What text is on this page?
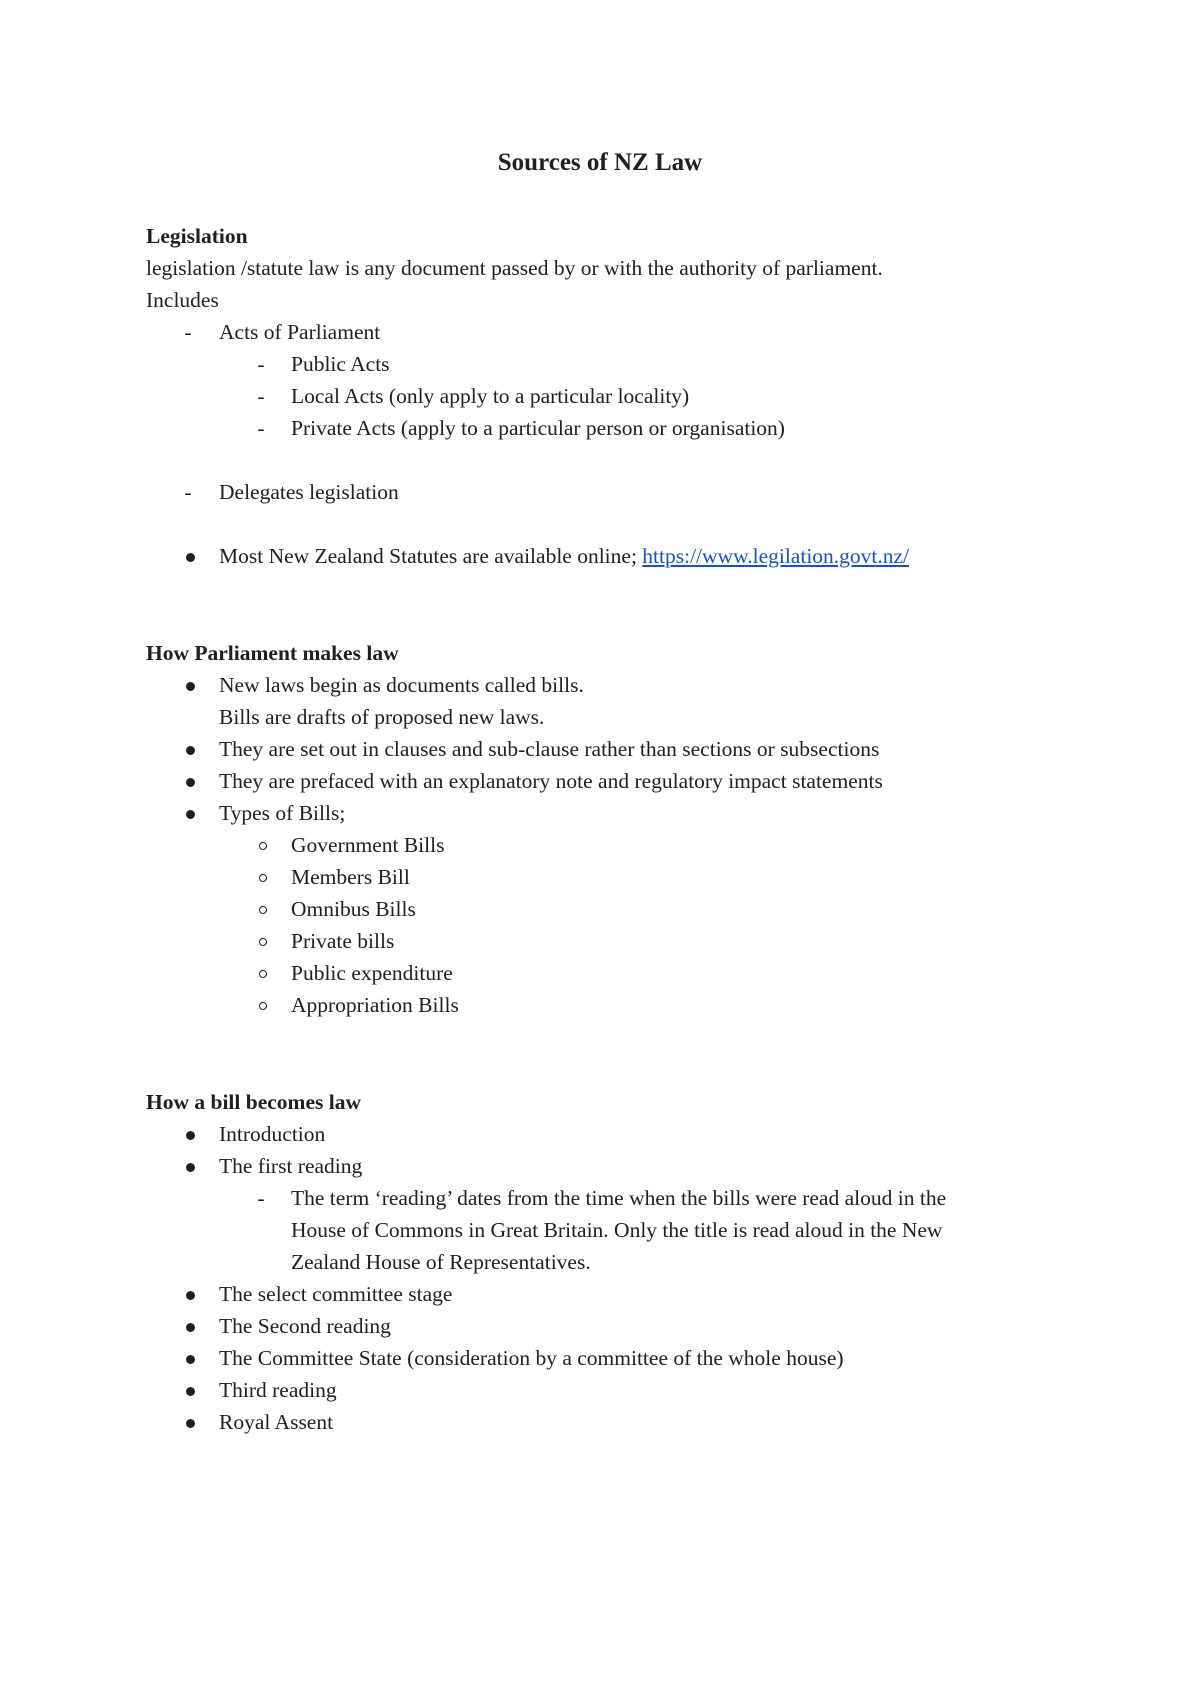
Sources of NZ Law
Legislation
legislation /statute law is any document passed by or with the authority of parliament.
Includes
-	Acts of Parliament
-	Public Acts
-	Local Acts (only apply to a particular locality)
-	Private Acts (apply to a particular person or organisation)
-	Delegates legislation
Most New Zealand Statutes are available online; https://www.legilation.govt.nz/
How Parliament makes law
New laws begin as documents called bills.
Bills are drafts of proposed new laws.
They are set out in clauses and sub-clause rather than sections or subsections
They are prefaced with an explanatory note and regulatory impact statements
Types of Bills;
Government Bills
Members Bill
Omnibus Bills
Private bills
Public expenditure
Appropriation Bills
How a bill becomes law
Introduction
The first reading
-	The term ‘reading’ dates from the time when the bills were read aloud in the
House of Commons in Great Britain. Only the title is read aloud in the New
Zealand House of Representatives.
The select committee stage
The Second reading
The Committee State (consideration by a committee of the whole house)
Third reading
Royal Assent
